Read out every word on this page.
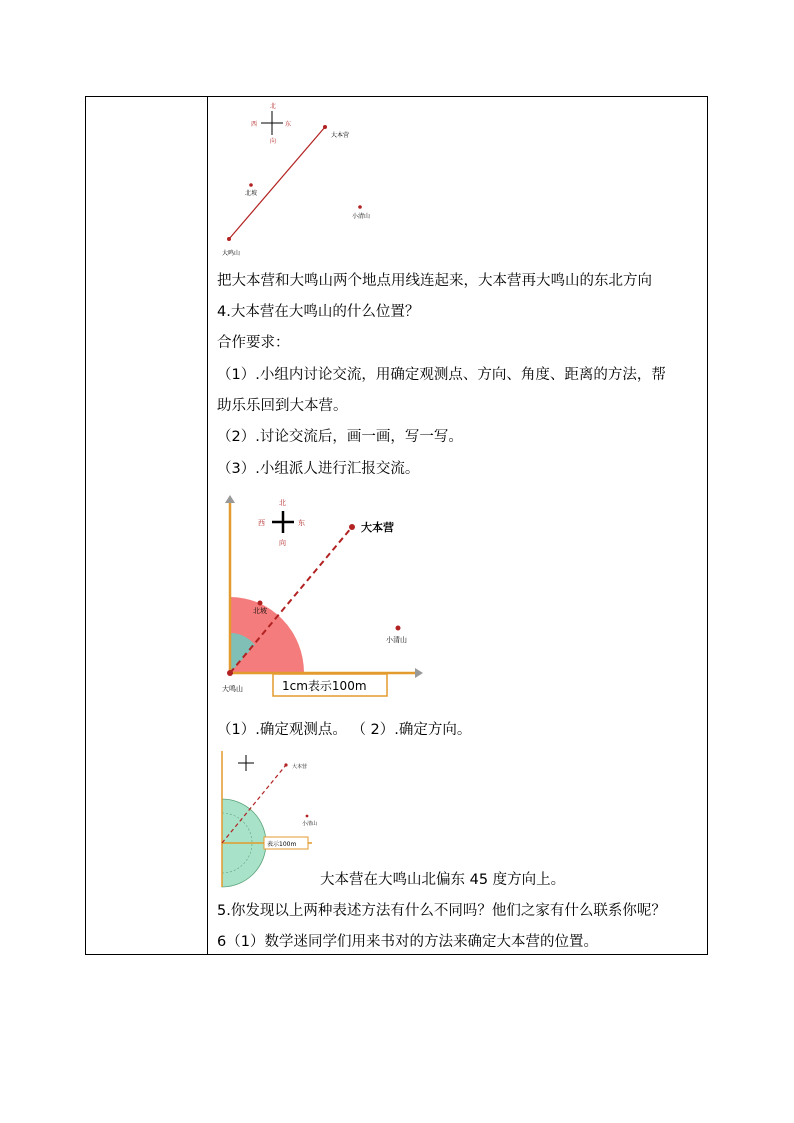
北
向
西	东
大本营
北坡
小清山
大鸣山
把大本营和大鸣山两个地点用线连起来，大本营再大鸣山的东北方向
4.大本营在大鸣山的什么位置？
合作要求：
（1）.小组内讨论交流，用确定观测点、方向、角度、距离的方法，帮
助乐乐回到大本营。
（2）.讨论交流后，画一画，写一写。
（3）.小组派人进行汇报交流。
北
向
西	东	大本营
北坡
小清山
大鸣山	1cm表示100m
（1）.确定观测点。 （ 2）.确定方向。
大本营
小清山
表示100m
大本营在大鸣山北偏东 45 度方向上。
5.你发现以上两种表述方法有什么不同吗？他们之家有什么联系你呢？
6（1）数学迷同学们用来书对的方法来确定大本营的位置。
